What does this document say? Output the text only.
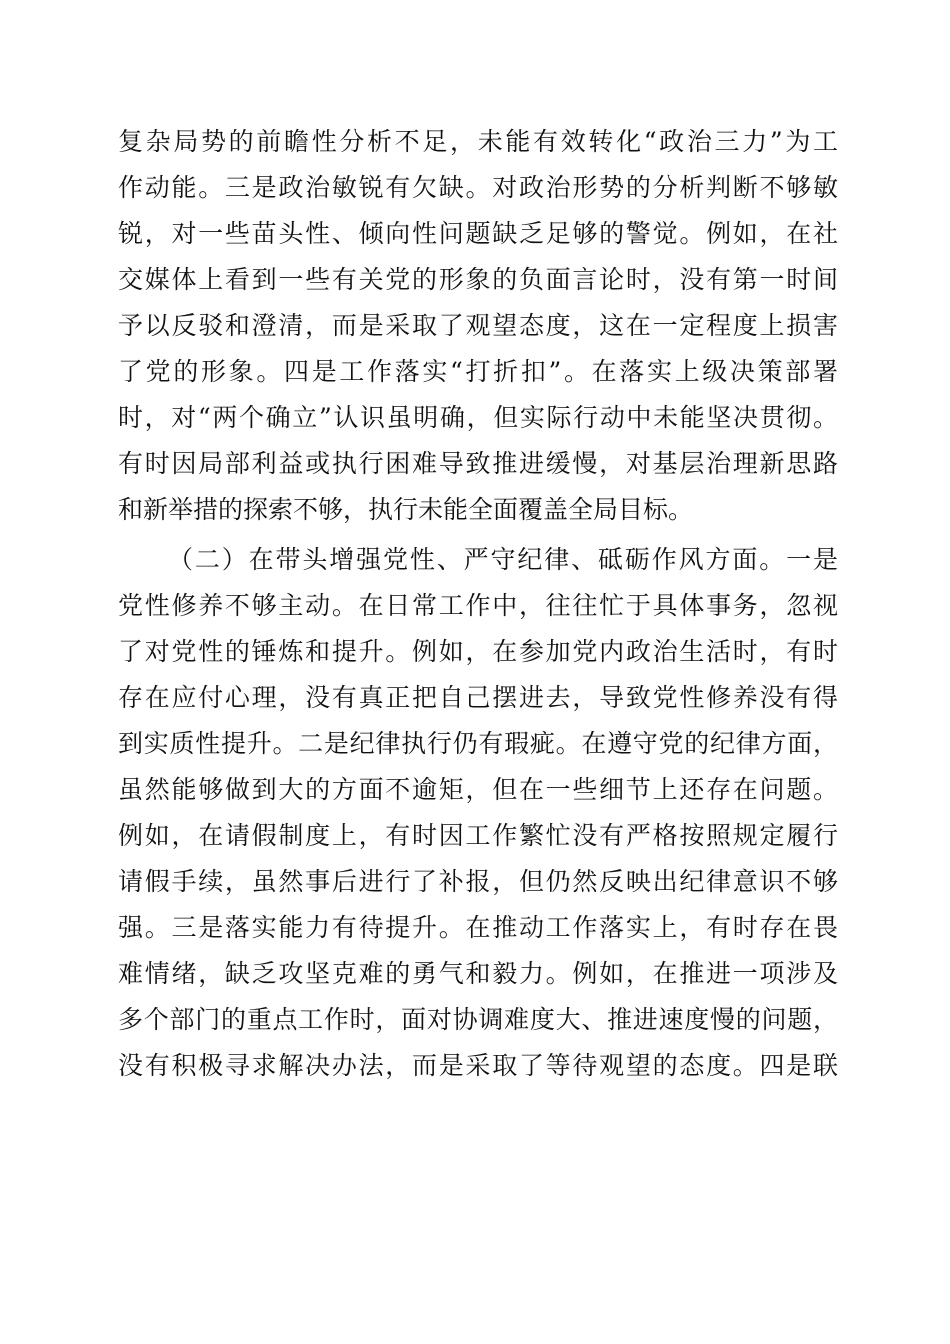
复杂局势的前瞻性分析不足，未能有效转化“政治三力”为工
作动能。三是政治敏锐有欠缺。对政治形势的分析判断不够敏
锐，对一些苗头性、倾向性问题缺乏足够的警觉。例如，在社
交媒体上看到一些有关党的形象的负面言论时，没有第一时间
予以反驳和澄清，而是采取了观望态度，这在一定程度上损害
了党的形象。四是工作落实“打折扣”。在落实上级决策部署
时，对“两个确立”认识虽明确，但实际行动中未能坚决贯彻。
有时因局部利益或执行困难导致推进缓慢，对基层治理新思路
和新举措的探索不够，执行未能全面覆盖全局目标。
（二）在带头增强党性、严守纪律、砥砺作风方面。一是
党性修养不够主动。在日常工作中，往往忙于具体事务，忽视
了对党性的锤炼和提升。例如，在参加党内政治生活时，有时
存在应付心理，没有真正把自己摆进去，导致党性修养没有得
到实质性提升。二是纪律执行仍有瑕疵。在遵守党的纪律方面，
虽然能够做到大的方面不逾矩，但在一些细节上还存在问题。
例如，在请假制度上，有时因工作繁忙没有严格按照规定履行
请假手续，虽然事后进行了补报，但仍然反映出纪律意识不够
强。三是落实能力有待提升。在推动工作落实上，有时存在畏
难情绪，缺乏攻坚克难的勇气和毅力。例如，在推进一项涉及
多个部门的重点工作时，面对协调难度大、推进速度慢的问题，
没有积极寻求解决办法，而是采取了等待观望的态度。四是联
